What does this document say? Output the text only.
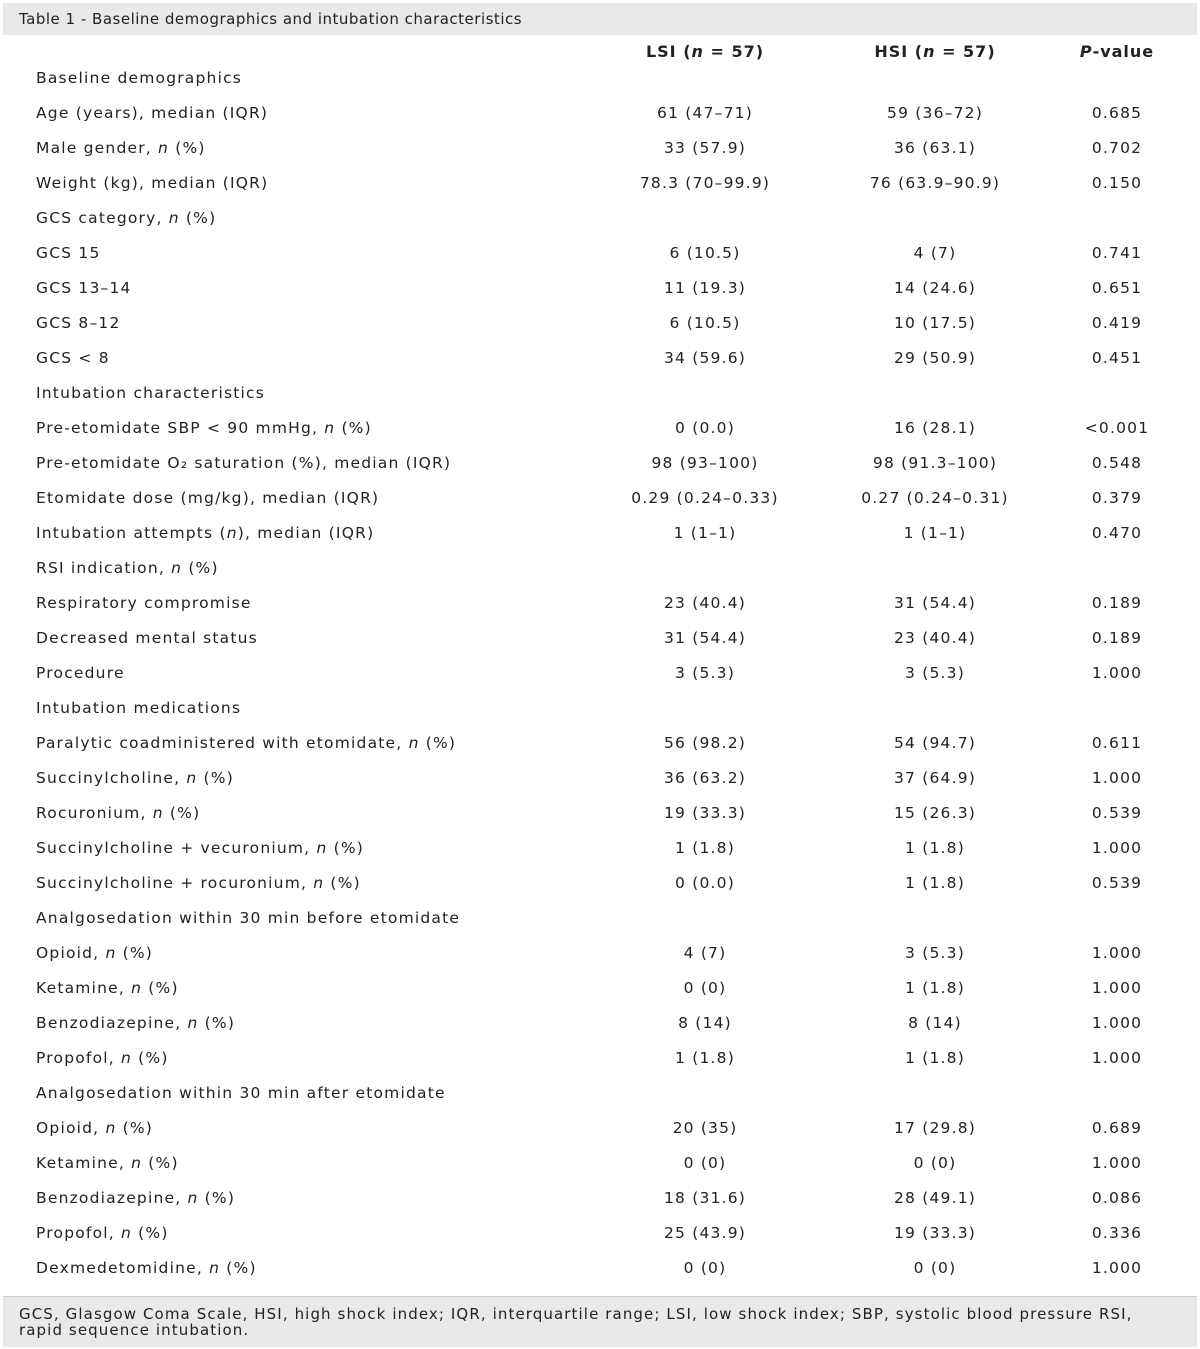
Table 1 - Baseline demographics and intubation characteristics
LSI (n = 57)	HSI (n = 57)	P-value
Baseline demographics
Age (years), median (IQR)	61 (47–71)	59 (36–72)	0.685
Male gender, n (%)	33 (57.9)	36 (63.1)	0.702
Weight (kg), median (IQR)	78.3 (70–99.9)	76 (63.9–90.9)	0.150
GCS category, n (%)
GCS 15	6 (10.5)	4 (7)	0.741
GCS 13–14	11 (19.3)	14 (24.6)	0.651
GCS 8–12	6 (10.5)	10 (17.5)	0.419
GCS < 8	34 (59.6)	29 (50.9)	0.451
Intubation characteristics
Pre-etomidate SBP < 90 mmHg, n (%)	0 (0.0)	16 (28.1)	<0.001
Pre-etomidate O₂ saturation (%), median (IQR)	98 (93–100)	98 (91.3–100)	0.548
Etomidate dose (mg/kg), median (IQR)	0.29 (0.24–0.33)	0.27 (0.24–0.31)	0.379
Intubation attempts (n), median (IQR)	1 (1–1)	1 (1–1)	0.470
RSI indication, n (%)
Respiratory compromise	23 (40.4)	31 (54.4)	0.189
Decreased mental status	31 (54.4)	23 (40.4)	0.189
Procedure	3 (5.3)	3 (5.3)	1.000
Intubation medications
Paralytic coadministered with etomidate, n (%)	56 (98.2)	54 (94.7)	0.611
Succinylcholine, n (%)	36 (63.2)	37 (64.9)	1.000
Rocuronium, n (%)	19 (33.3)	15 (26.3)	0.539
Succinylcholine + vecuronium, n (%)	1 (1.8)	1 (1.8)	1.000
Succinylcholine + rocuronium, n (%)	0 (0.0)	1 (1.8)	0.539
Analgosedation within 30 min before etomidate
Opioid, n (%)	4 (7)	3 (5.3)	1.000
Ketamine, n (%)	0 (0)	1 (1.8)	1.000
Benzodiazepine, n (%)	8 (14)	8 (14)	1.000
Propofol, n (%)	1 (1.8)	1 (1.8)	1.000
Analgosedation within 30 min after etomidate
Opioid, n (%)	20 (35)	17 (29.8)	0.689
Ketamine, n (%)	0 (0)	0 (0)	1.000
Benzodiazepine, n (%)	18 (31.6)	28 (49.1)	0.086
Propofol, n (%)	25 (43.9)	19 (33.3)	0.336
Dexmedetomidine, n (%)	0 (0)	0 (0)	1.000
GCS, Glasgow Coma Scale, HSI, high shock index; IQR, interquartile range; LSI, low shock index; SBP, systolic blood pressure RSI, rapid sequence intubation.
